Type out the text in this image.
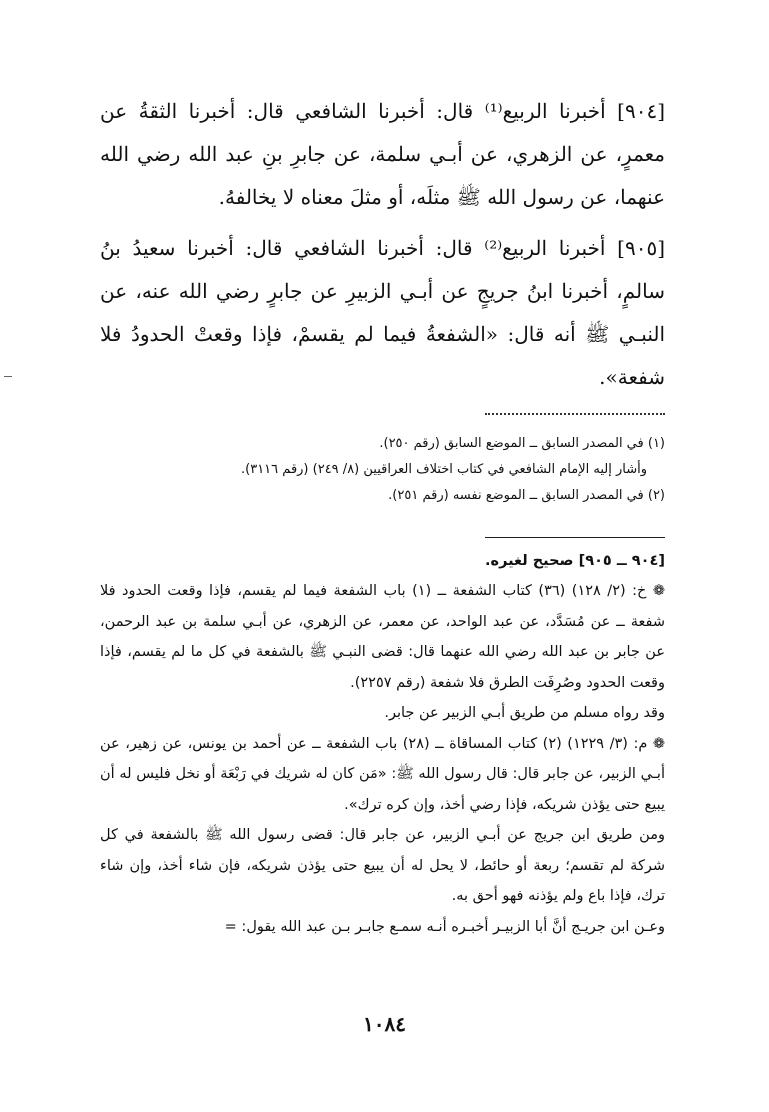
[٩٠٤] أخبرنا الربيع⁽¹⁾ قال: أخبرنا الشافعي قال: أخبرنا الثقةُ عن معمرٍ، عن الزهري، عن أبـي سلمة، عن جابرِ بنِ عبد الله رضي الله عنهما، عن رسول الله ﷺ مثلَه، أو مثلَ معناه لا يخالفهُ.

[٩٠٥] أخبرنا الربيع⁽²⁾ قال: أخبرنا الشافعي قال: أخبرنا سعيدُ بنُ سالمٍ، أخبرنا ابنُ جريجٍ عن أبـي الزبيرِ عن جابرٍ رضي الله عنه، عن النبـي ﷺ أنه قال: «الشفعةُ فيما لم يقسمْ، فإذا وقعتْ الحدودُ فلا شفعة».

(١) في المصدر السابق ــ الموضع السابق (رقم ٢٥٠).

وأشار إليه الإمام الشافعي في كتاب اختلاف العراقيين (٨/ ٢٤٩) (رقم ٣١١٦).

(٢) في المصدر السابق ــ الموضع نفسه (رقم ٢٥١).

[٩٠٤ ــ ٩٠٥] صحيح لغيره.

❁ خ: (٢/ ١٢٨) (٣٦) كتاب الشفعة ــ (١) باب الشفعة فيما لم يقسم، فإذا وقعت الحدود فلا شفعة ــ عن مُسَدَّد، عن عبد الواحد، عن معمر، عن الزهري، عن أبـي سلمة بن عبد الرحمن، عن جابر بن عبد الله رضي الله عنهما قال: قضى النبـي ﷺ بالشفعة في كل ما لم يقسم، فإذا وقعت الحدود وصُرِفَت الطرق فلا شفعة (رقم ٢٢٥٧).

وقد رواه مسلم من طريق أبـي الزبير عن جابر.

❁ م: (٣/ ١٢٢٩) (٢) كتاب المساقاة ــ (٢٨) باب الشفعة ــ عن أحمد بن يونس، عن زهير، عن أبـي الزبير، عن جابر قال: قال رسول الله ﷺ: «مَن كان له شريك في رَبْعَة أو نخل فليس له أن يبيع حتى يؤذن شريكه، فإذا رضي أخذ، وإن كره ترك».

ومن طريق ابن جريج عن أبـي الزبير، عن جابر قال: قضى رسول الله ﷺ بالشفعة في كل شركة لم تقسم؛ ربعة أو حائط، لا يحل له أن يبيع حتى يؤذن شريكه، فإن شاء أخذ، وإن شاء ترك، فإذا باع ولم يؤذنه فهو أحق به.

وعـن ابن جريـج أنَّ أبا الزبيـر أخبـره أنـه سمـع جابـر بـن عبد الله يقول: =

١٠٨٤
